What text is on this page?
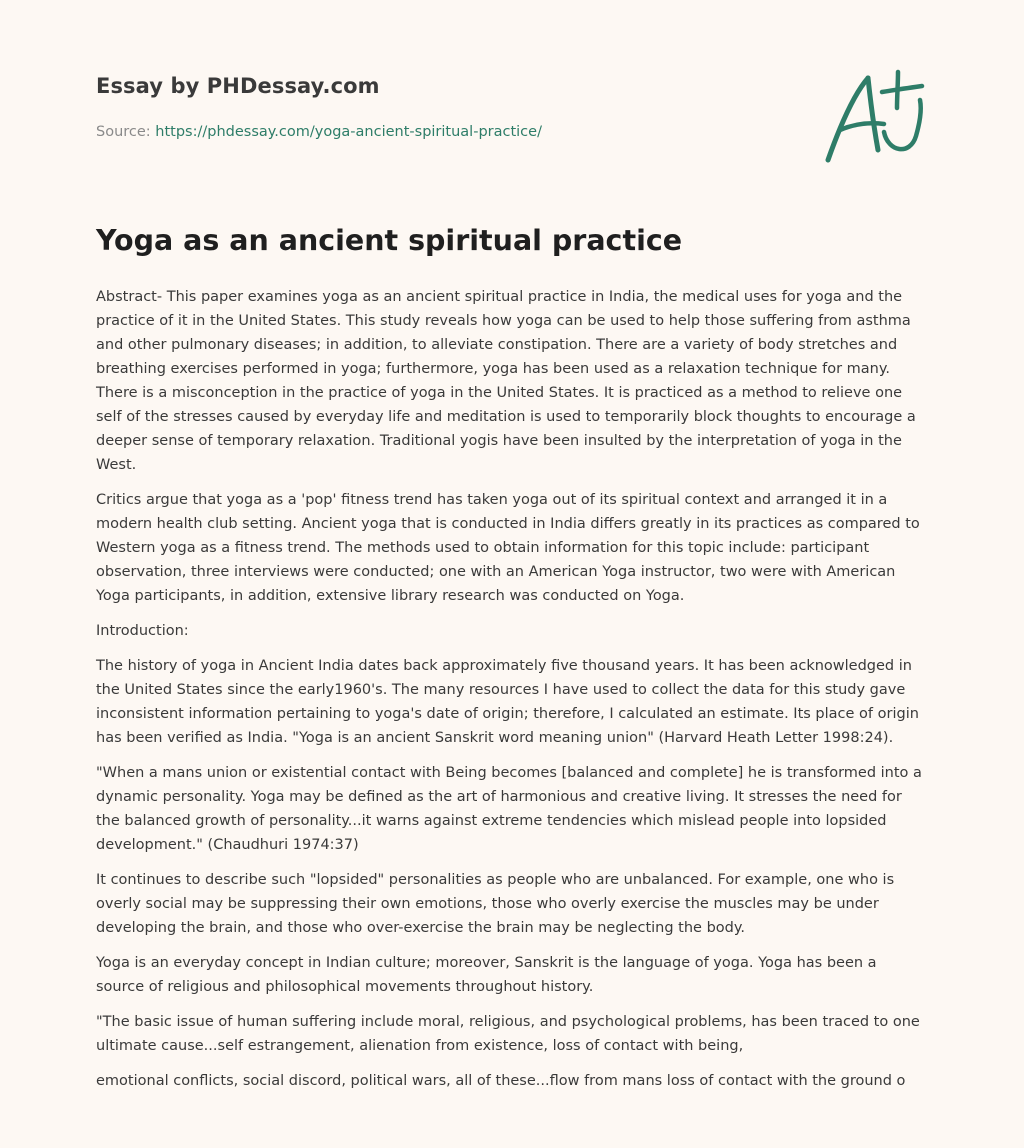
Essay by PHDessay.com
Source: https://phdessay.com/yoga-ancient-spiritual-practice/
Yoga as an ancient spiritual practice

Abstract- This paper examines yoga as an ancient spiritual practice in India, the medical uses for yoga and the practice of it in the United States. This study reveals how yoga can be used to help those suffering from asthma and other pulmonary diseases; in addition, to alleviate constipation. There are a variety of body stretches and breathing exercises performed in yoga; furthermore, yoga has been used as a relaxation technique for many. There is a misconception in the practice of yoga in the United States. It is practiced as a method to relieve one self of the stresses caused by everyday life and meditation is used to temporarily block thoughts to encourage a deeper sense of temporary relaxation. Traditional yogis have been insulted by the interpretation of yoga in the West.

Critics argue that yoga as a 'pop' fitness trend has taken yoga out of its spiritual context and arranged it in a modern health club setting. Ancient yoga that is conducted in India differs greatly in its practices as compared to Western yoga as a fitness trend. The methods used to obtain information for this topic include: participant observation, three interviews were conducted; one with an American Yoga instructor, two were with American Yoga participants, in addition, extensive library research was conducted on Yoga.

Introduction:

The history of yoga in Ancient India dates back approximately five thousand years. It has been acknowledged in the United States since the early1960's. The many resources I have used to collect the data for this study gave inconsistent information pertaining to yoga's date of origin; therefore, I calculated an estimate. Its place of origin has been verified as India. "Yoga is an ancient Sanskrit word meaning union" (Harvard Heath Letter 1998:24).

"When a mans union or existential contact with Being becomes [balanced and complete] he is transformed into a dynamic personality. Yoga may be defined as the art of harmonious and creative living. It stresses the need for the balanced growth of personality...it warns against extreme tendencies which mislead people into lopsided development." (Chaudhuri 1974:37)

It continues to describe such "lopsided" personalities as people who are unbalanced. For example, one who is overly social may be suppressing their own emotions, those who overly exercise the muscles may be under developing the brain, and those who over-exercise the brain may be neglecting the body.

Yoga is an everyday concept in Indian culture; moreover, Sanskrit is the language of yoga. Yoga has been a source of religious and philosophical movements throughout history.

"The basic issue of human suffering include moral, religious, and psychological problems, has been traced to one ultimate cause...self estrangement, alienation from existence, loss of contact with being,

emotional conflicts, social discord, political wars, all of these...flow from mans loss of contact with the ground o
